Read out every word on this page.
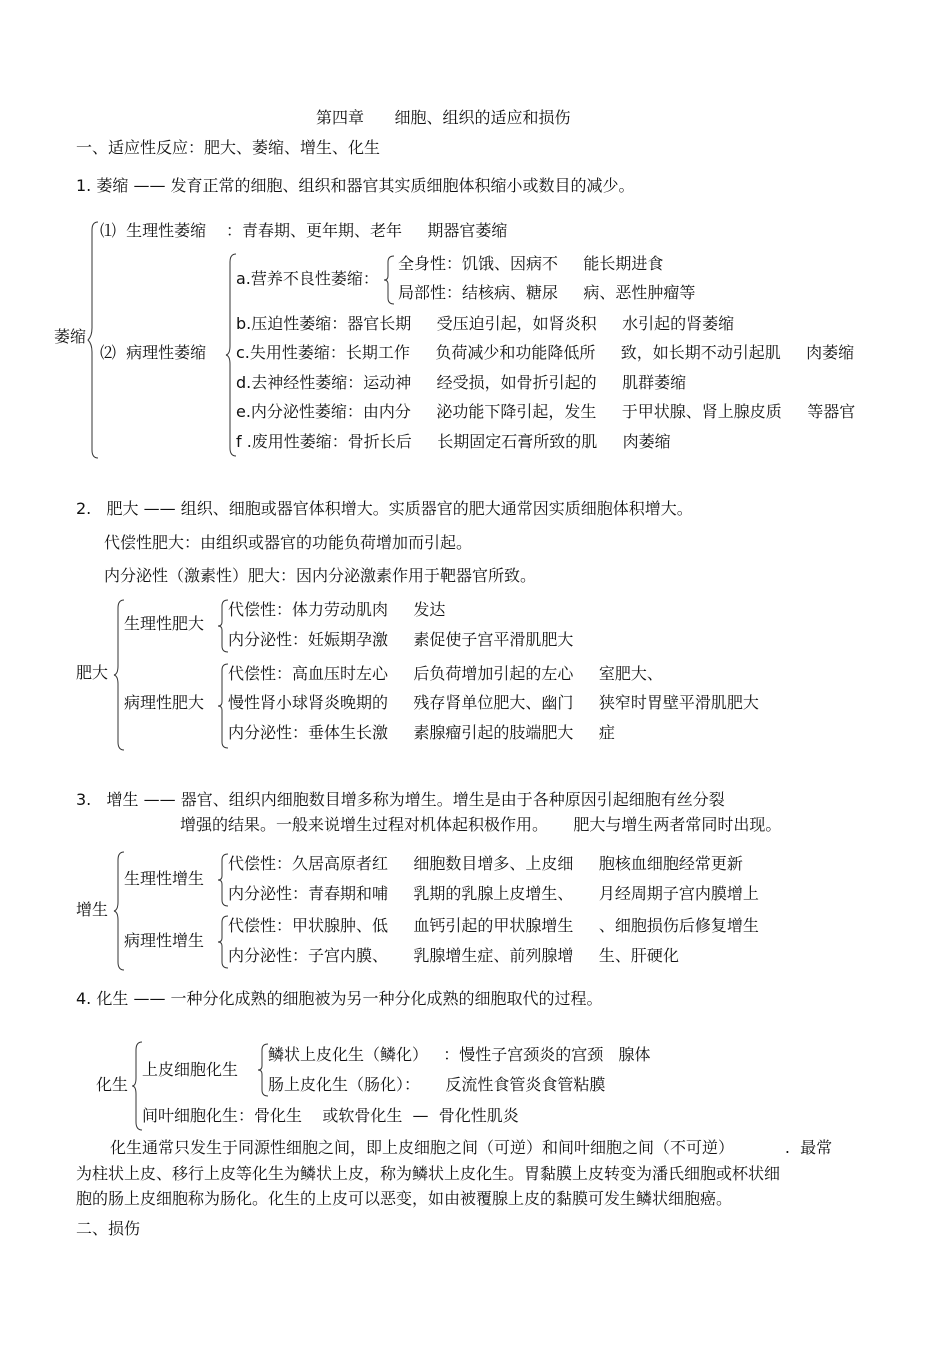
第四章      细胞、组织的适应和损伤
一、适应性反应：肥大、萎缩、增生、化生
1. 萎缩 —— 发育正常的细胞、组织和器官其实质细胞体积缩小或数目的减少。
萎缩
⑴  生理性萎缩 ：青春期、更年期、老年     期器官萎缩
⑵  病理性萎缩
a.营养不良性萎缩：
全身性：饥饿、因病不     能长期进食
局部性：结核病、糖尿     病、恶性肿瘤等
b.压迫性萎缩：器官长期     受压迫引起，如肾炎积     水引起的肾萎缩
c.失用性萎缩：长期工作     负荷减少和功能降低所     致，如长期不动引起肌     肉萎缩
d.去神经性萎缩：运动神     经受损，如骨折引起的     肌群萎缩
e.内分泌性萎缩：由内分     泌功能下降引起，发生     于甲状腺、肾上腺皮质     等器官
f .废用性萎缩：骨折长后     长期固定石膏所致的肌     肉萎缩
2.   肥大 —— 组织、细胞或器官体积增大。实质器官的肥大通常因实质细胞体积增大。
代偿性肥大：由组织或器官的功能负荷增加而引起。
内分泌性（激素性）肥大：因内分泌激素作用于靶器官所致。
肥大
生理性肥大
代偿性：体力劳动肌肉     发达
内分泌性：妊娠期孕激     素促使子宫平滑肌肥大
病理性肥大
代偿性：高血压时左心     后负荷增加引起的左心     室肥大、
慢性肾小球肾炎晚期的     残存肾单位肥大、幽门     狭窄时胃壁平滑肌肥大
内分泌性：垂体生长激     素腺瘤引起的肢端肥大     症
3.   增生 —— 器官、组织内细胞数目增多称为增生。增生是由于各种原因引起细胞有丝分裂
增强的结果。一般来说增生过程对机体起积极作用。     肥大与增生两者常同时出现。
增生
生理性增生
代偿性：久居高原者红     细胞数目增多、上皮细     胞核血细胞经常更新
内分泌性：青春期和哺     乳期的乳腺上皮增生、     月经周期子宫内膜增上
病理性增生
代偿性：甲状腺肿、低     血钙引起的甲状腺增生     、细胞损伤后修复增生
内分泌性：子宫内膜、     乳腺增生症、前列腺增     生、肝硬化
4. 化生 —— 一种分化成熟的细胞被为另一种分化成熟的细胞取代的过程。
化生
上皮细胞化生
鳞状上皮化生（鳞化）   ：慢性子宫颈炎的宫颈   腺体
肠上皮化生（肠化）：     反流性食管炎食管粘膜
间叶细胞化生：骨化生    或软骨化生  —  骨化性肌炎
化生通常只发生于同源性细胞之间，即上皮细胞之间（可逆）和间叶细胞之间（不可逆）          .  最常
为柱状上皮、移行上皮等化生为鳞状上皮，称为鳞状上皮化生。胃黏膜上皮转变为潘氏细胞或杯状细
胞的肠上皮细胞称为肠化。化生的上皮可以恶变，如由被覆腺上皮的黏膜可发生鳞状细胞癌。
二、损伤
